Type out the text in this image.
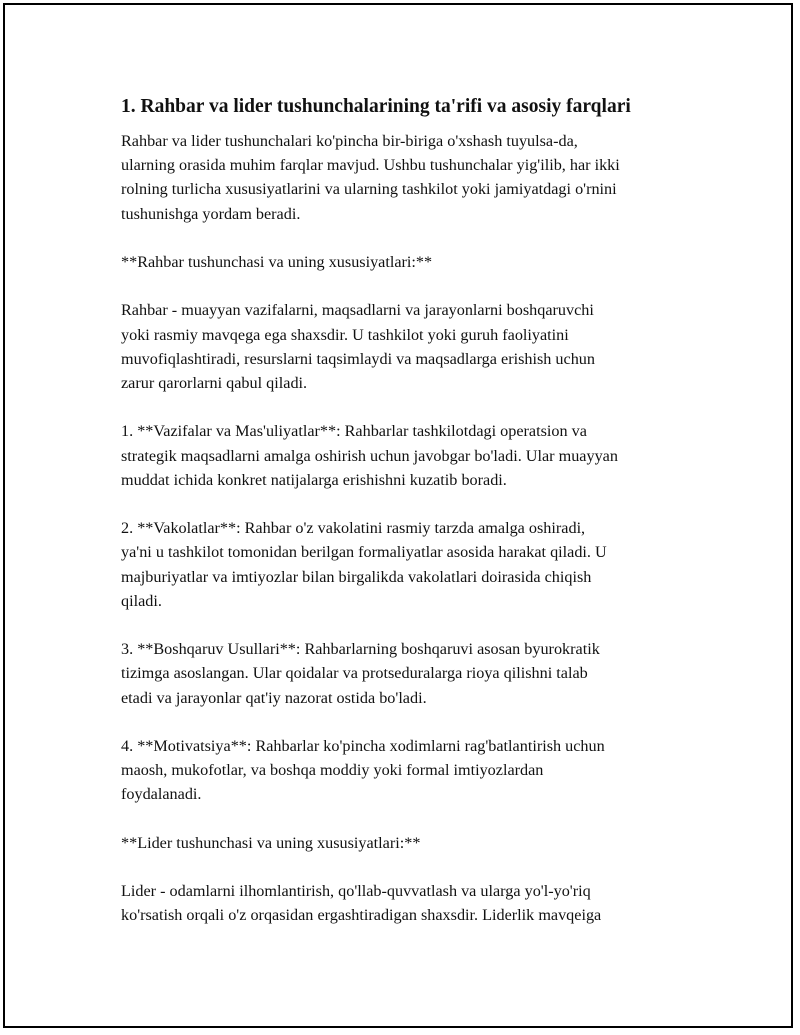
1. Rahbar va lider tushunchalarining ta'rifi va asosiy farqlari
Rahbar va lider tushunchalari ko'pincha bir-biriga o'xshash tuyulsa-da,
ularning orasida muhim farqlar mavjud. Ushbu tushunchalar yig'ilib, har ikki
rolning turlicha xususiyatlarini va ularning tashkilot yoki jamiyatdagi o'rnini
tushunishga yordam beradi.
**Rahbar tushunchasi va uning xususiyatlari:**
Rahbar - muayyan vazifalarni, maqsadlarni va jarayonlarni boshqaruvchi
yoki rasmiy mavqega ega shaxsdir. U tashkilot yoki guruh faoliyatini
muvofiqlashtiradi, resurslarni taqsimlaydi va maqsadlarga erishish uchun
zarur qarorlarni qabul qiladi.
1. **Vazifalar va Mas'uliyatlar**: Rahbarlar tashkilotdagi operatsion va
strategik maqsadlarni amalga oshirish uchun javobgar bo'ladi. Ular muayyan
muddat ichida konkret natijalarga erishishni kuzatib boradi.
2. **Vakolatlar**: Rahbar o'z vakolatini rasmiy tarzda amalga oshiradi,
ya'ni u tashkilot tomonidan berilgan formaliyatlar asosida harakat qiladi. U
majburiyatlar va imtiyozlar bilan birgalikda vakolatlari doirasida chiqish
qiladi.
3. **Boshqaruv Usullari**: Rahbarlarning boshqaruvi asosan byurokratik
tizimga asoslangan. Ular qoidalar va protseduralarga rioya qilishni talab
etadi va jarayonlar qat'iy nazorat ostida bo'ladi.
4. **Motivatsiya**: Rahbarlar ko'pincha xodimlarni rag'batlantirish uchun
maosh, mukofotlar, va boshqa moddiy yoki formal imtiyozlardan
foydalanadi.
**Lider tushunchasi va uning xususiyatlari:**
Lider - odamlarni ilhomlantirish, qo'llab-quvvatlash va ularga yo'l-yo'riq
ko'rsatish orqali o'z orqasidan ergashtiradigan shaxsdir. Liderlik mavqeiga
